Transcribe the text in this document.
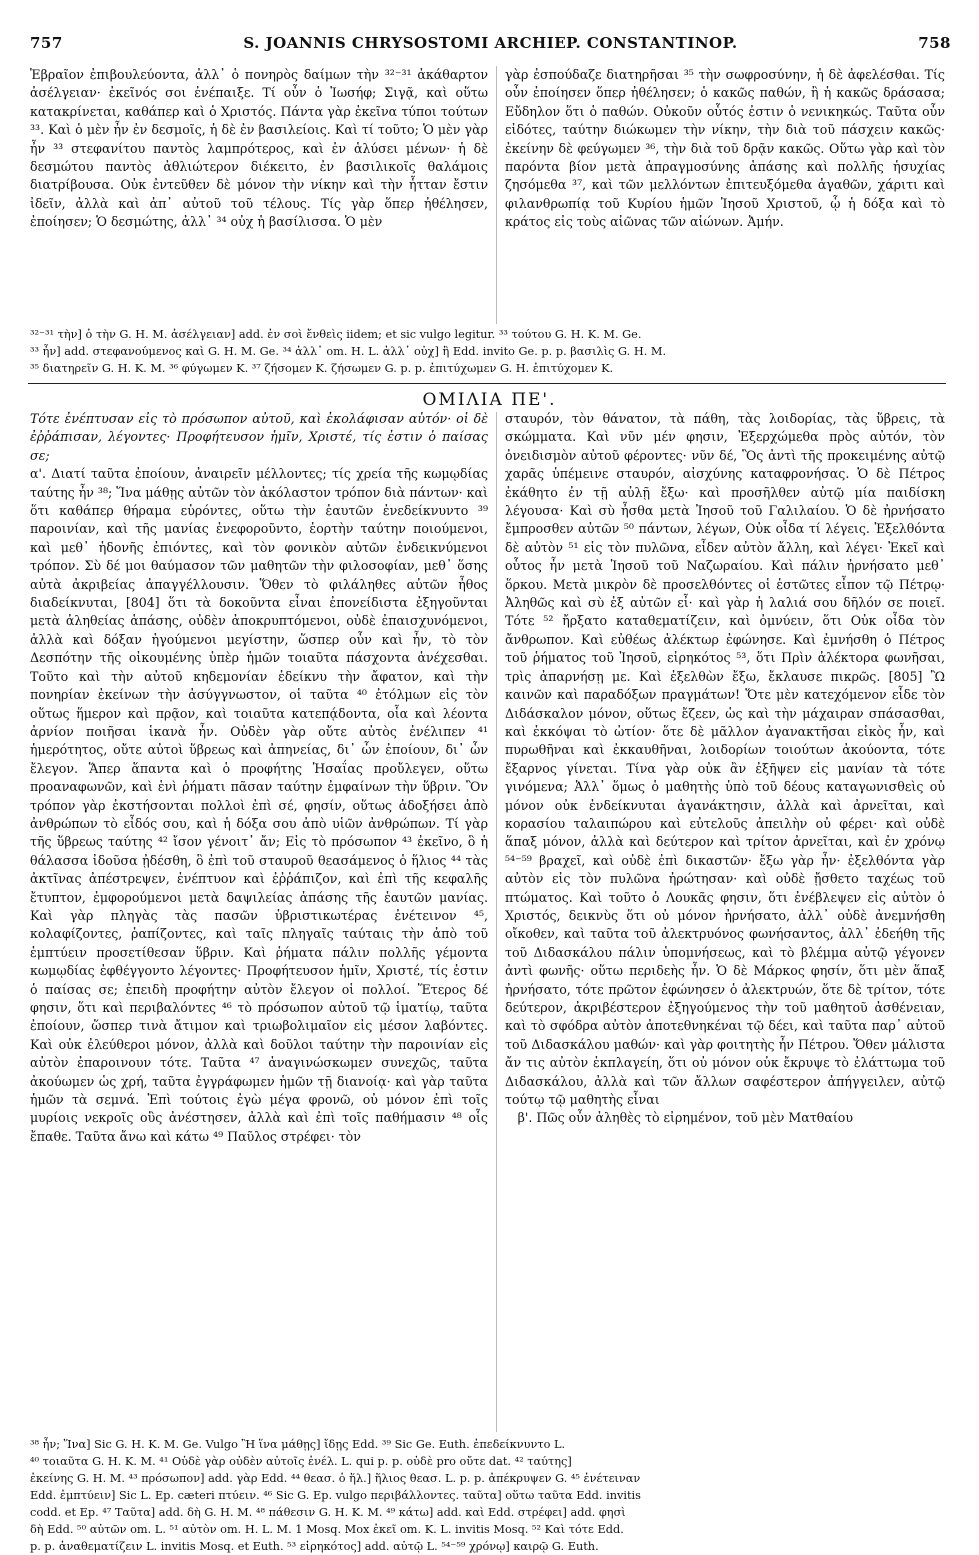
757	S. JOANNIS CHRYSOSTOMI ARCHIEP. CONSTANTINOP.	758

Ἑβραῖον ἐπιβουλεύοντα, ἀλλ᾽ ὁ πονηρὸς δαίμων τὴν ³²⁻³¹ ἀκάθαρτον ἀσέλγειαν· ἐκεῖνός σοι ἐνέπαιξε. Τί οὖν ὁ Ἰωσήφ; Σιγᾷ, καὶ οὕτω κατακρίνεται, καθάπερ καὶ ὁ Χριστός. Πάντα γὰρ ἐκεῖνα τύποι τούτων ³³. Καὶ ὁ μὲν ἦν ἐν δεσμοῖς, ἡ δὲ ἐν βασιλείοις. Καὶ τί τοῦτο; Ὁ μὲν γὰρ ἦν ³³ στεφανίτου παντὸς λαμπρότερος, καὶ ἐν ἁλύσει μένων· ἡ δὲ δεσμώτου παντὸς ἀθλιώτερον διέκειτο, ἐν βασιλικοῖς θαλάμοις διατρίβουσα. Οὐκ ἐντεῦθεν δὲ μόνον τὴν νίκην καὶ τὴν ἧτταν ἔστιν ἰδεῖν, ἀλλὰ καὶ ἀπ᾽ αὐτοῦ τοῦ τέλους. Τίς γὰρ ὅπερ ἠθέλησεν, ἐποίησεν; Ὁ δεσμώτης, ἀλλ᾽ ³⁴ οὐχ ἡ βασίλισσα. Ὁ μὲν

γὰρ ἐσπούδαζε διατηρῆσαι ³⁵ τὴν σωφροσύνην, ἡ δὲ ἀφελέσθαι. Τίς οὖν ἐποίησεν ὅπερ ἠθέλησεν; ὁ κακῶς παθών, ἢ ἡ κακῶς δράσασα; Εὔδηλον ὅτι ὁ παθών. Οὐκοῦν οὗτός ἐστιν ὁ νενικηκώς. Ταῦτα οὖν εἰδότες, ταύτην διώκωμεν τὴν νίκην, τὴν διὰ τοῦ πάσχειν κακῶς· ἐκείνην δὲ φεύγωμεν ³⁶, τὴν διὰ τοῦ δρᾷν κακῶς. Οὕτω γὰρ καὶ τὸν παρόντα βίον μετὰ ἀπραγμοσύνης ἁπάσης καὶ πολλῆς ἡσυχίας ζησόμεθα ³⁷, καὶ τῶν μελλόντων ἐπιτευξόμεθα ἀγαθῶν, χάριτι καὶ φιλανθρωπίᾳ τοῦ Κυρίου ἡμῶν Ἰησοῦ Χριστοῦ, ᾧ ἡ δόξα καὶ τὸ κράτος εἰς τοὺς αἰῶνας τῶν αἰώνων. Ἀμήν.

³²⁻³¹ τὴν] ὁ τὴν G. H. M. ἀσέλγειαν] add. ἐν σοὶ ἔνθεὶς iidem; et sic vulgo legitur. ³³ τούτου G. H. K. M. Ge.

³³ ἦν] add. στεφανούμενος καὶ G. H. M. Ge. ³⁴ ἀλλ᾽ om. H. L. ἀλλ᾽ οὐχ] ἢ Edd. invito Ge. p. p. βασιλὶς G. H. M.

³⁵ διατηρεῖν G. H. K. M. ³⁶ φύγωμεν K. ³⁷ ζήσομεν K. ζήσωμεν G. p. p. ἐπιτύχωμεν G. H. ἐπιτύχομεν K.

ΟΜΙΛΙΑ ΠΕ'.

Τότε ἐνέπτυσαν εἰς τὸ πρόσωπον αὐτοῦ, καὶ ἐκολάφισαν αὐτόν· οἱ δὲ ἐῤῥάπισαν, λέγοντες· Προφήτευσον ἡμῖν, Χριστέ, τίς ἐστιν ὁ παίσας σε;

α'. Διατί ταῦτα ἐποίουν, ἀναιρεῖν μέλλοντες; τίς χρεία τῆς κωμῳδίας ταύτης ἦν ³⁸; Ἵνα μάθῃς αὐτῶν τὸν ἀκόλαστον τρόπον διὰ πάντων· καὶ ὅτι καθάπερ θήραμα εὑρόντες, οὕτω τὴν ἑαυτῶν ἐνεδείκνυντο ³⁹ παροινίαν, καὶ τῆς μανίας ἐνεφοροῦντο, ἑορτὴν ταύτην ποιούμενοι, καὶ μεθ᾽ ἡδονῆς ἐπιόντες, καὶ τὸν φονικὸν αὐτῶν ἐνδεικνύμενοι τρόπον. Σὺ δέ μοι θαύμασον τῶν μαθητῶν τὴν φιλοσοφίαν, μεθ᾽ ὅσης αὐτὰ ἀκριβείας ἀπαγγέλλουσιν. Ὅθεν τὸ φιλάληθες αὐτῶν ἦθος διαδείκνυται, [804] ὅτι τὰ δοκοῦντα εἶναι ἐπονείδιστα ἐξηγοῦνται μετὰ ἀληθείας ἁπάσης, οὐδὲν ἀποκρυπτόμενοι, οὐδὲ ἐπαισχυνόμενοι, ἀλλὰ καὶ δόξαν ἡγούμενοι μεγίστην, ὥσπερ οὖν καὶ ἦν, τὸ τὸν Δεσπότην τῆς οἰκουμένης ὑπὲρ ἡμῶν τοιαῦτα πάσχοντα ἀνέχεσθαι. Τοῦτο καὶ τὴν αὐτοῦ κηδεμονίαν ἐδείκνυ τὴν ἄφατον, καὶ τὴν πονηρίαν ἐκείνων τὴν ἀσύγγνωστον, οἱ ταῦτα ⁴⁰ ἐτόλμων εἰς τὸν οὕτως ἥμερον καὶ πρᾷον, καὶ τοιαῦτα κατεπᾴδοντα, οἷα καὶ λέοντα ἀρνίον ποιῆσαι ἱκανὰ ἦν. Οὐδὲν γὰρ οὔτε αὐτὸς ἐνέλιπεν ⁴¹ ἡμερότητος, οὔτε αὐτοὶ ὕβρεως καὶ ἀπηνείας, δι᾽ ὧν ἐποίουν, δι᾽ ὧν ἔλεγον. Ἅπερ ἅπαντα καὶ ὁ προφήτης Ἡσαΐας προὔλεγεν, οὕτω προαναφωνῶν, καὶ ἑνὶ ῥήματι πᾶσαν ταύτην ἐμφαίνων τὴν ὕβριν. Ὃν τρόπον γὰρ ἐκστήσονται πολλοὶ ἐπὶ σέ, φησίν, οὕτως ἀδοξήσει ἀπὸ ἀνθρώπων τὸ εἶδός σου, καὶ ἡ δόξα σου ἀπὸ υἱῶν ἀνθρώπων. Τί γὰρ τῆς ὕβρεως ταύτης ⁴² ἴσον γένοιτ᾽ ἄν; Εἰς τὸ πρόσωπον ⁴³ ἐκεῖνο, ὃ ἡ θάλασσα ἰδοῦσα ᾐδέσθη, ὃ ἐπὶ τοῦ σταυροῦ θεασάμενος ὁ ἥλιος ⁴⁴ τὰς ἀκτῖνας ἀπέστρεψεν, ἐνέπτυον καὶ ἐῤῥάπιζον, καὶ ἐπὶ τῆς κεφαλῆς ἔτυπτον, ἐμφορούμενοι μετὰ δαψιλείας ἁπάσης τῆς ἑαυτῶν μανίας. Καὶ γὰρ πληγὰς τὰς πασῶν ὑβριστικωτέρας ἐνέτεινον ⁴⁵, κολαφίζοντες, ῥαπίζοντες, καὶ ταῖς πληγαῖς ταύταις τὴν ἀπὸ τοῦ ἐμπτύειν προσετίθεσαν ὕβριν. Καὶ ῥήματα πάλιν πολλῆς γέμοντα κωμῳδίας ἐφθέγγοντο λέγοντες· Προφήτευσον ἡμῖν, Χριστέ, τίς ἐστιν ὁ παίσας σε; ἐπειδὴ προφήτην αὐτὸν ἔλεγον οἱ πολλοί. Ἕτερος δέ φησιν, ὅτι καὶ περιβαλόντες ⁴⁶ τὸ πρόσωπον αὐτοῦ τῷ ἱματίῳ, ταῦτα ἐποίουν, ὥσπερ τινὰ ἄτιμον καὶ τριωβολιμαῖον εἰς μέσον λαβόντες. Καὶ οὐκ ἐλεύθεροι μόνον, ἀλλὰ καὶ δοῦλοι ταύτην τὴν παροινίαν εἰς αὐτὸν ἐπαροινουν τότε. Ταῦτα ⁴⁷ ἀναγινώσκωμεν συνεχῶς, ταῦτα ἀκούωμεν ὡς χρή, ταῦτα ἐγγράφωμεν ἡμῶν τῇ διανοίᾳ· καὶ γὰρ ταῦτα ἡμῶν τὰ σεμνά. Ἐπὶ τούτοις ἐγὼ μέγα φρονῶ, οὐ μόνον ἐπὶ τοῖς μυρίοις νεκροῖς οὓς ἀνέστησεν, ἀλλὰ καὶ ἐπὶ τοῖς παθήμασιν ⁴⁸ οἷς ἔπαθε. Ταῦτα ἄνω καὶ κάτω ⁴⁹ Παῦλος στρέφει· τὸν

σταυρόν, τὸν θάνατον, τὰ πάθη, τὰς λοιδορίας, τὰς ὕβρεις, τὰ σκώμματα. Καὶ νῦν μέν φησιν, Ἐξερχώμεθα πρὸς αὐτόν, τὸν ὀνειδισμὸν αὐτοῦ φέροντες· νῦν δέ, Ὃς ἀντὶ τῆς προκειμένης αὐτῷ χαρᾶς ὑπέμεινε σταυρόν, αἰσχύνης καταφρονήσας. Ὁ δὲ Πέτρος ἐκάθητο ἐν τῇ αὐλῇ ἔξω· καὶ προσῆλθεν αὐτῷ μία παιδίσκη λέγουσα· Καὶ σὺ ἦσθα μετὰ Ἰησοῦ τοῦ Γαλιλαίου. Ὁ δὲ ἠρνήσατο ἔμπροσθεν αὐτῶν ⁵⁰ πάντων, λέγων, Οὐκ οἶδα τί λέγεις. Ἐξελθόντα δὲ αὐτὸν ⁵¹ εἰς τὸν πυλῶνα, εἶδεν αὐτὸν ἄλλη, καὶ λέγει· Ἐκεῖ καὶ οὗτος ἦν μετὰ Ἰησοῦ τοῦ Ναζωραίου. Καὶ πάλιν ἠρνήσατο μεθ᾽ ὅρκου. Μετὰ μικρὸν δὲ προσελθόντες οἱ ἑστῶτες εἶπον τῷ Πέτρῳ· Ἀληθῶς καὶ σὺ ἐξ αὐτῶν εἶ· καὶ γὰρ ἡ λαλιά σου δῆλόν σε ποιεῖ. Τότε ⁵² ἤρξατο καταθεματίζειν, καὶ ὀμνύειν, ὅτι Οὐκ οἶδα τὸν ἄνθρωπον. Καὶ εὐθέως ἀλέκτωρ ἐφώνησε. Καὶ ἐμνήσθη ὁ Πέτρος τοῦ ῥήματος τοῦ Ἰησοῦ, εἰρηκότος ⁵³, ὅτι Πρὶν ἀλέκτορα φωνῆσαι, τρὶς ἀπαρνήσῃ με. Καὶ ἐξελθὼν ἔξω, ἔκλαυσε πικρῶς. [805] Ὢ καινῶν καὶ παραδόξων πραγμάτων! Ὅτε μὲν κατεχόμενον εἶδε τὸν Διδάσκαλον μόνον, οὕτως ἔζεεν, ὡς καὶ τὴν μάχαιραν σπάσασθαι, καὶ ἐκκόψαι τὸ ὠτίον· ὅτε δὲ μᾶλλον ἀγανακτῆσαι εἰκὸς ἦν, καὶ πυρωθῆναι καὶ ἐκκαυθῆναι, λοιδορίων τοιούτων ἀκούοντα, τότε ἔξαρνος γίνεται. Τίνα γὰρ οὐκ ἂν ἐξῆψεν εἰς μανίαν τὰ τότε γινόμενα; Ἀλλ᾽ ὅμως ὁ μαθητὴς ὑπὸ τοῦ δέους καταγωνισθεὶς οὐ μόνον οὐκ ἐνδείκνυται ἀγανάκτησιν, ἀλλὰ καὶ ἀρνεῖται, καὶ κορασίου ταλαιπώρου καὶ εὐτελοῦς ἀπειλὴν οὐ φέρει· καὶ οὐδὲ ἅπαξ μόνον, ἀλλὰ καὶ δεύτερον καὶ τρίτον ἀρνεῖται, καὶ ἐν χρόνῳ ⁵⁴⁻⁵⁹ βραχεῖ, καὶ οὐδὲ ἐπὶ δικαστῶν· ἔξω γὰρ ἦν· ἐξελθόντα γὰρ αὐτὸν εἰς τὸν πυλῶνα ἠρώτησαν· καὶ οὐδὲ ᾔσθετο ταχέως τοῦ πτώματος. Καὶ τοῦτο ὁ Λουκᾶς φησιν, ὅτι ἐνέβλεψεν εἰς αὐτὸν ὁ Χριστός, δεικνὺς ὅτι οὐ μόνον ἠρνήσατο, ἀλλ᾽ οὐδὲ ἀνεμνήσθη οἴκοθεν, καὶ ταῦτα τοῦ ἀλεκτρυόνος φωνήσαντος, ἀλλ᾽ ἐδεήθη τῆς τοῦ Διδασκάλου πάλιν ὑπομνήσεως, καὶ τὸ βλέμμα αὐτῷ γέγονεν ἀντὶ φωνῆς· οὕτω περιδεὴς ἦν. Ὁ δὲ Μάρκος φησίν, ὅτι μὲν ἅπαξ ἠρνήσατο, τότε πρῶτον ἐφώνησεν ὁ ἀλεκτρυών, ὅτε δὲ τρίτον, τότε δεύτερον, ἀκριβέστερον ἐξηγούμενος τὴν τοῦ μαθητοῦ ἀσθένειαν, καὶ τὸ σφόδρα αὐτὸν ἀποτεθνηκέναι τῷ δέει, καὶ ταῦτα παρ᾽ αὐτοῦ τοῦ Διδασκάλου μαθών· καὶ γὰρ φοιτητὴς ἦν Πέτρου. Ὅθεν μάλιστα ἄν τις αὐτὸν ἐκπλαγείη, ὅτι οὐ μόνον οὐκ ἔκρυψε τὸ ἐλάττωμα τοῦ Διδασκάλου, ἀλλὰ καὶ τῶν ἄλλων σαφέστερον ἀπήγγειλεν, αὐτῷ τούτῳ τῷ μαθητὴς εἶναι

β'. Πῶς οὖν ἀληθὲς τὸ εἰρημένον, τοῦ μὲν Ματθαίου

³⁸ ἦν; Ἵνα] Sic G. H. K. M. Ge. Vulgo Ἢ ἵνα μάθῃς] ἴδῃς Edd. ³⁹ Sic Ge. Euth. ἐπεδείκνυντο L.

⁴⁰ τοιαῦτα G. H. K. M. ⁴¹ Οὐδὲ γὰρ οὐδὲν αὐτοῖς ἐνέλ. L. qui p. p. οὐδὲ pro οὔτε dat. ⁴² ταύτης]

ἐκείνης G. H. M. ⁴³ πρόσωπον] add. γὰρ Edd. ⁴⁴ θεασ. ὁ ἥλ.] ἥλιος θεασ. L. p. p. ἀπέκρυψεν G. ⁴⁵ ἐνέτειναν

Edd. ἐμπτύειν] Sic L. Ep. cæteri πτύειν. ⁴⁶ Sic G. Ep. vulgo περιβάλλοντες. ταῦτα] οὕτω ταῦτα Edd. invitis

codd. et Ep. ⁴⁷ Ταῦτα] add. δὴ G. H. M. ⁴⁸ πάθεσιν G. H. K. M. ⁴⁹ κάτω] add. καὶ Edd. στρέφει] add. φησὶ

δὴ Edd. ⁵⁰ αὐτῶν om. L. ⁵¹ αὐτὸν om. H. L. M. 1 Mosq. Mox ἐκεῖ om. K. L. invitis Mosq. ⁵² Καὶ τότε Edd.

p. p. ἀναθεματίζειν L. invitis Mosq. et Euth. ⁵³ εἰρηκότος] add. αὐτῷ L. ⁵⁴⁻⁵⁹ χρόνῳ] καιρῷ G. Euth.
